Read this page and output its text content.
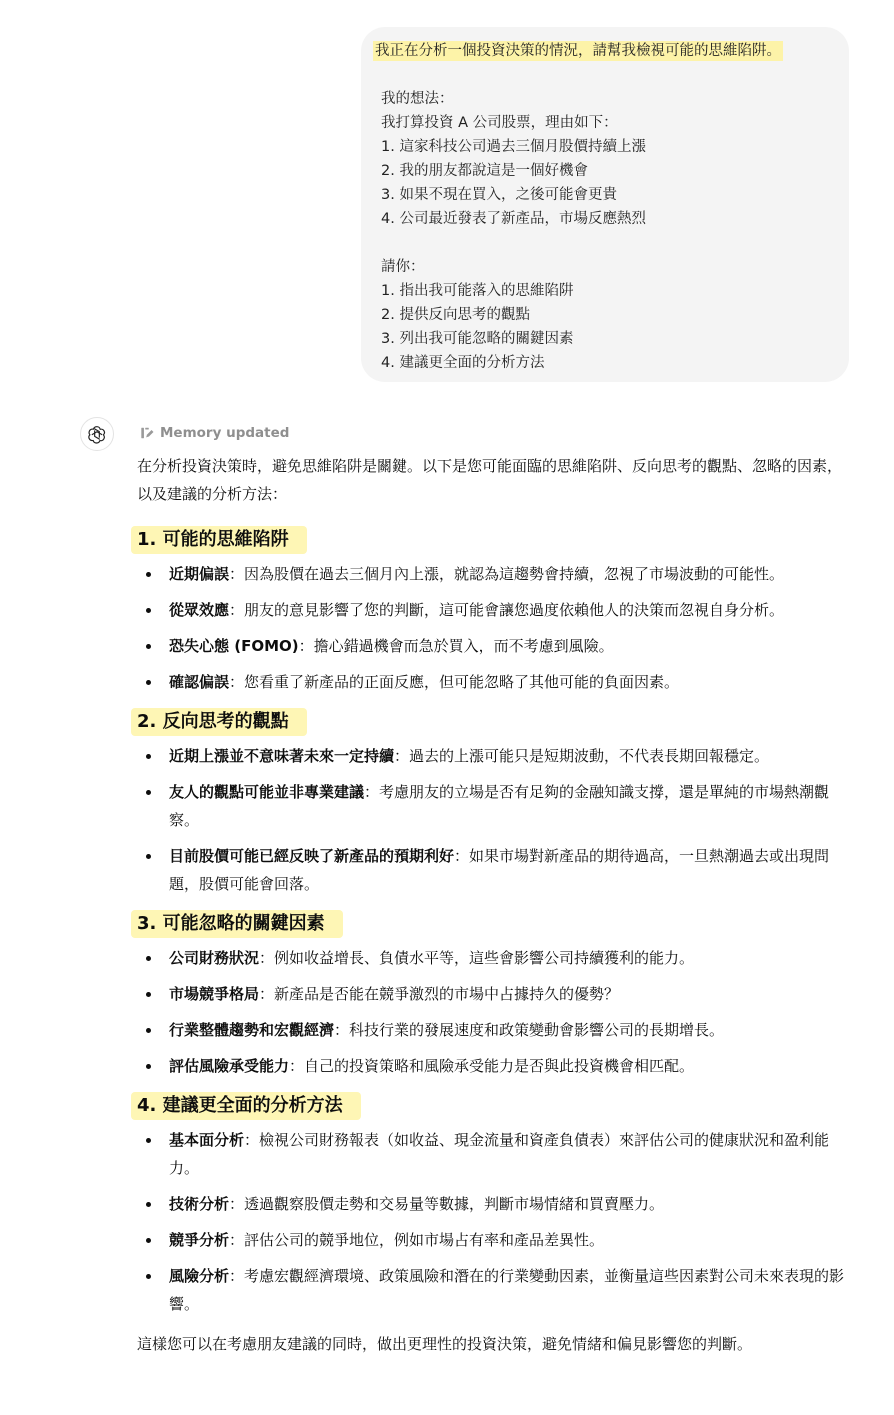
我正在分析一個投資決策的情況，請幫我檢視可能的思維陷阱。
我的想法：
我打算投資 A 公司股票，理由如下：
1. 這家科技公司過去三個月股價持續上漲
2. 我的朋友都說這是一個好機會
3. 如果不現在買入，之後可能會更貴
4. 公司最近發表了新產品，市場反應熱烈
請你：
1. 指出我可能落入的思維陷阱
2. 提供反向思考的觀點
3. 列出我可能忽略的關鍵因素
4. 建議更全面的分析方法
Memory updated

在分析投資決策時，避免思維陷阱是關鍵。以下是您可能面臨的思維陷阱、反向思考的觀點、忽略的因素，以及建議的分析方法：

1. 可能的思維陷阱
近期偏誤：因為股價在過去三個月內上漲，就認為這趨勢會持續，忽視了市場波動的可能性。
從眾效應：朋友的意見影響了您的判斷，這可能會讓您過度依賴他人的決策而忽視自身分析。
恐失心態 (FOMO)：擔心錯過機會而急於買入，而不考慮到風險。
確認偏誤：您看重了新產品的正面反應，但可能忽略了其他可能的負面因素。
2. 反向思考的觀點
近期上漲並不意味著未來一定持續：過去的上漲可能只是短期波動，不代表長期回報穩定。
友人的觀點可能並非專業建議：考慮朋友的立場是否有足夠的金融知識支撐，還是單純的市場熱潮觀察。
目前股價可能已經反映了新產品的預期利好：如果市場對新產品的期待過高，一旦熱潮過去或出現問題，股價可能會回落。
3. 可能忽略的關鍵因素
公司財務狀況：例如收益增長、負債水平等，這些會影響公司持續獲利的能力。
市場競爭格局：新產品是否能在競爭激烈的市場中占據持久的優勢？
行業整體趨勢和宏觀經濟：科技行業的發展速度和政策變動會影響公司的長期增長。
評估風險承受能力：自己的投資策略和風險承受能力是否與此投資機會相匹配。
4. 建議更全面的分析方法
基本面分析：檢視公司財務報表（如收益、現金流量和資產負債表）來評估公司的健康狀況和盈利能力。
技術分析：透過觀察股價走勢和交易量等數據，判斷市場情緒和買賣壓力。
競爭分析：評估公司的競爭地位，例如市場占有率和產品差異性。
風險分析：考慮宏觀經濟環境、政策風險和潛在的行業變動因素，並衡量這些因素對公司未來表現的影響。

這樣您可以在考慮朋友建議的同時，做出更理性的投資決策，避免情緒和偏見影響您的判斷。
